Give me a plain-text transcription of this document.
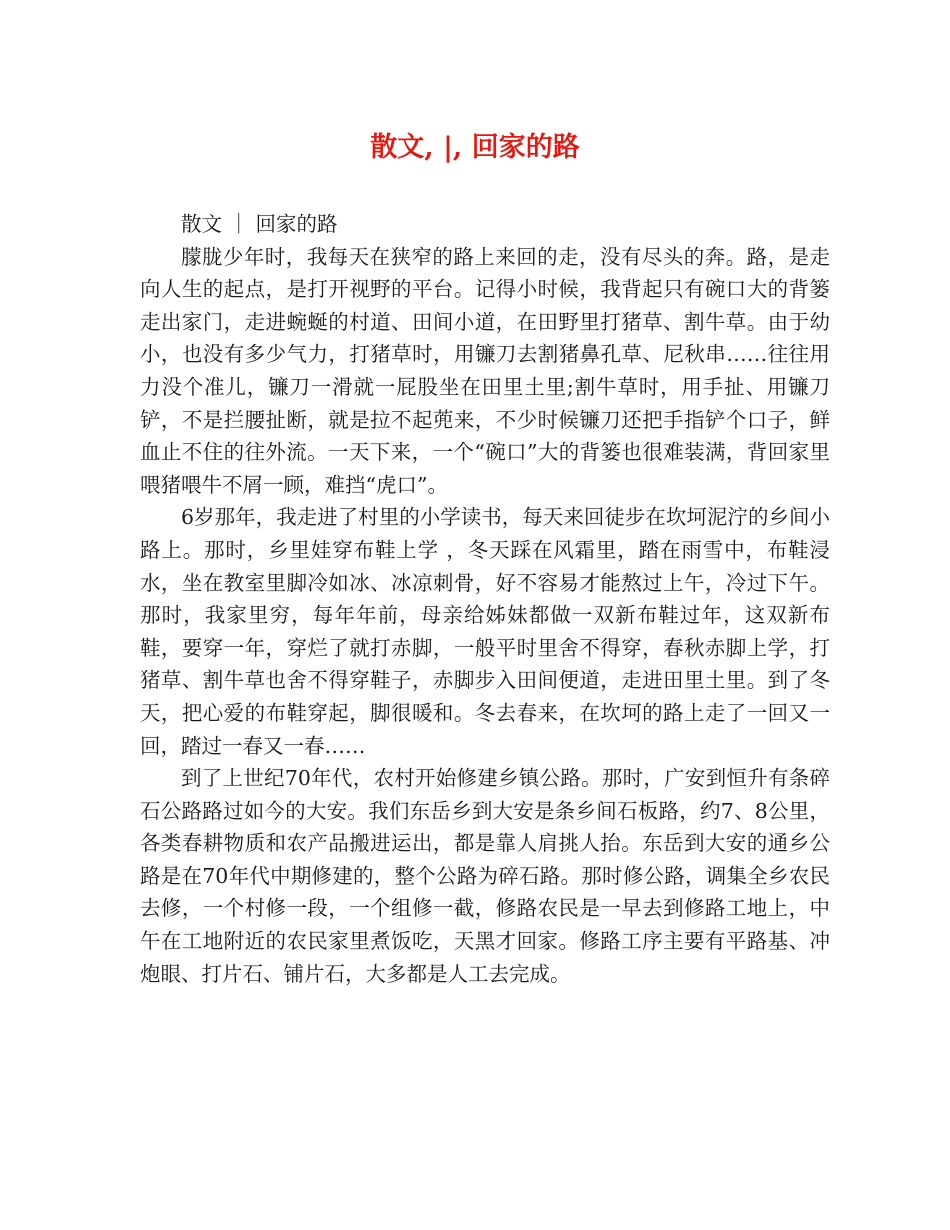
散文, |, 回家的路

散文 ｜ 回家的路

朦胧少年时，我每天在狭窄的路上来回的走，没有尽头的奔。路，是走向人生的起点，是打开视野的平台。记得小时候，我背起只有碗口大的背篓走出家门，走进蜿蜒的村道、田间小道，在田野里打猪草、割牛草。由于幼小，也没有多少气力，打猪草时，用镰刀去割猪鼻孔草、尼秋串……往往用力没个准儿，镰刀一滑就一屁股坐在田里土里;割牛草时，用手扯、用镰刀铲，不是拦腰扯断，就是拉不起蔸来，不少时候镰刀还把手指铲个口子，鲜血止不住的往外流。一天下来，一个“碗口”大的背篓也很难装满，背回家里喂猪喂牛不屑一顾，难挡“虎口”。

6岁那年，我走进了村里的小学读书，每天来回徒步在坎坷泥泞的乡间小路上。那时，乡里娃穿布鞋上学 ，冬天踩在风霜里，踏在雨雪中，布鞋浸水，坐在教室里脚冷如冰、冰凉刺骨，好不容易才能熬过上午，冷过下午。那时，我家里穷，每年年前，母亲给姊妹都做一双新布鞋过年，这双新布鞋，要穿一年，穿烂了就打赤脚，一般平时里舍不得穿，春秋赤脚上学，打猪草、割牛草也舍不得穿鞋子，赤脚步入田间便道，走进田里土里。到了冬天，把心爱的布鞋穿起，脚很暖和。冬去春来，在坎坷的路上走了一回又一回，踏过一春又一春……

到了上世纪70年代，农村开始修建乡镇公路。那时，广安到恒升有条碎石公路路过如今的大安。我们东岳乡到大安是条乡间石板路，约7、8公里，各类春耕物质和农产品搬进运出，都是靠人肩挑人抬。东岳到大安的通乡公路是在70年代中期修建的，整个公路为碎石路。那时修公路，调集全乡农民去修，一个村修一段，一个组修一截，修路农民是一早去到修路工地上，中午在工地附近的农民家里煮饭吃，天黑才回家。修路工序主要有平路基、冲炮眼、打片石、铺片石，大多都是人工去完成。
